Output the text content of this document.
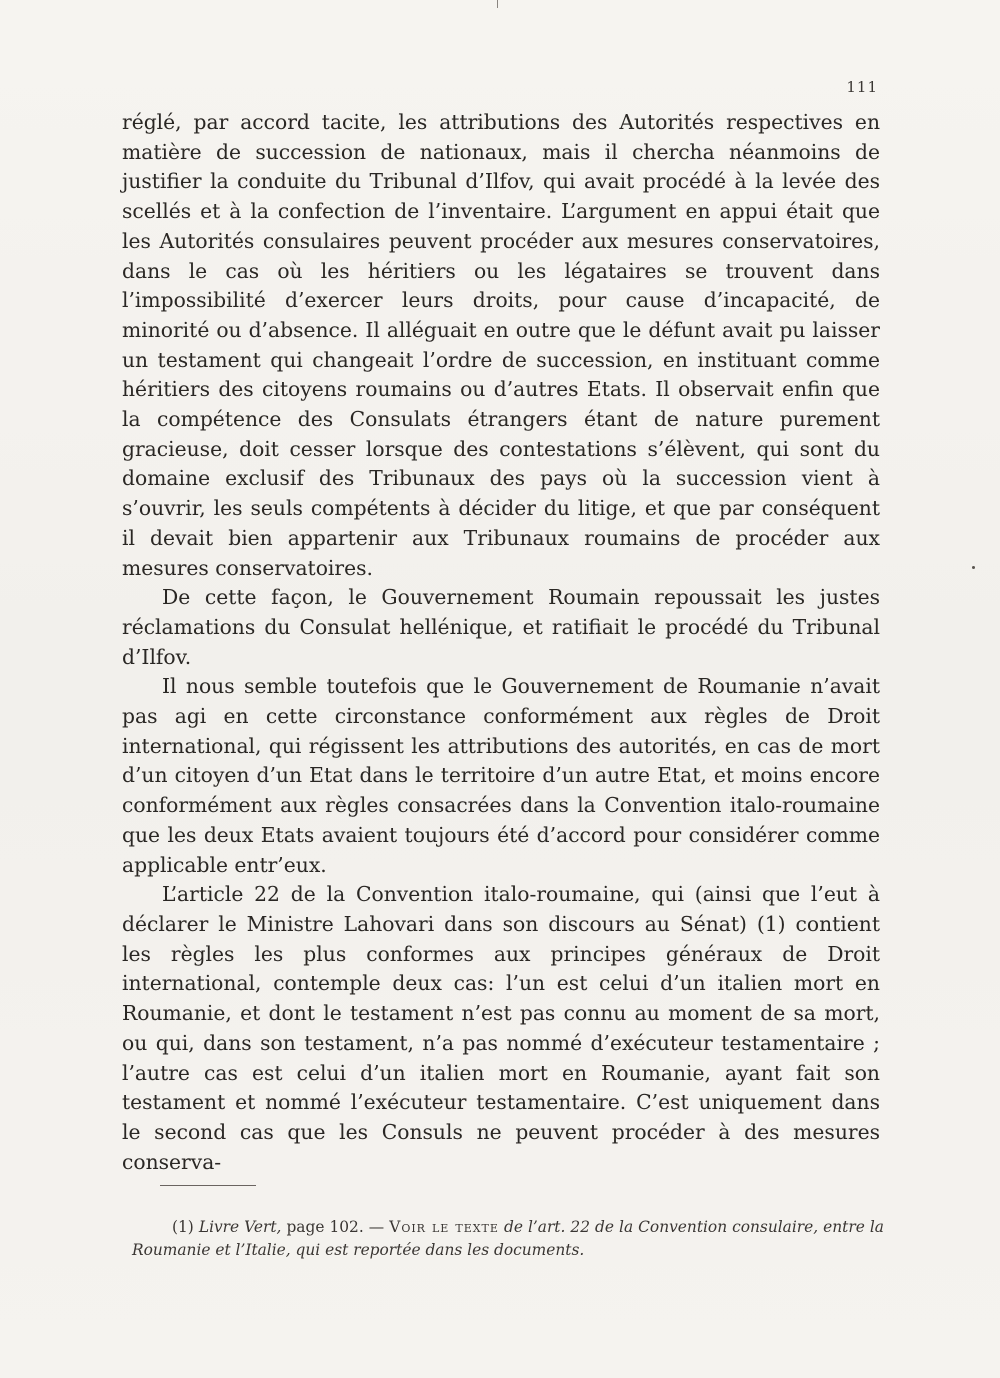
111

réglé, par accord tacite, les attributions des Autorités respectives en matière de succession de nationaux, mais il chercha néanmoins de justifier la conduite du Tribunal d’Ilfov, qui avait procédé à la levée des scellés et à la confection de l’inventaire. L’argument en appui était que les Autorités consulaires peuvent procéder aux mesures conservatoires, dans le cas où les héritiers ou les légataires se trouvent dans l’impossibilité d’exercer leurs droits, pour cause d’incapacité, de minorité ou d’absence. Il alléguait en outre que le défunt avait pu laisser un testament qui changeait l’ordre de succession, en instituant comme héritiers des citoyens roumains ou d’autres Etats. Il observait enfin que la compétence des Consulats étrangers étant de nature purement gracieuse, doit cesser lorsque des contestations s’élèvent, qui sont du domaine exclusif des Tribunaux des pays où la succession vient à s’ouvrir, les seuls compétents à décider du litige, et que par conséquent il devait bien appartenir aux Tribunaux roumains de procéder aux mesures conservatoires.

De cette façon, le Gouvernement Roumain repoussait les justes réclamations du Consulat hellénique, et ratifiait le procédé du Tribunal d’Ilfov.

Il nous semble toutefois que le Gouvernement de Roumanie n’avait pas agi en cette circonstance conformément aux règles de Droit international, qui régissent les attributions des autorités, en cas de mort d’un citoyen d’un Etat dans le territoire d’un autre Etat, et moins encore conformément aux règles consacrées dans la Convention italo-roumaine que les deux Etats avaient toujours été d’accord pour considérer comme applicable entr’eux.

L’article 22 de la Convention italo-roumaine, qui (ainsi que l’eut à déclarer le Ministre Lahovari dans son discours au Sénat) (1) contient les règles les plus conformes aux principes généraux de Droit international, contemple deux cas: l’un est celui d’un italien mort en Roumanie, et dont le testament n’est pas connu au moment de sa mort, ou qui, dans son testament, n’a pas nommé d’exécuteur testamentaire ; l’autre cas est celui d’un italien mort en Roumanie, ayant fait son testament et nommé l’exécuteur testamentaire. C’est uniquement dans le second cas que les Consuls ne peuvent procéder à des mesures conserva-

(1) Livre Vert, page 102. — Voir le texte de l’art. 22 de la Convention consulaire, entre la Roumanie et l’Italie, qui est reportée dans les documents.
